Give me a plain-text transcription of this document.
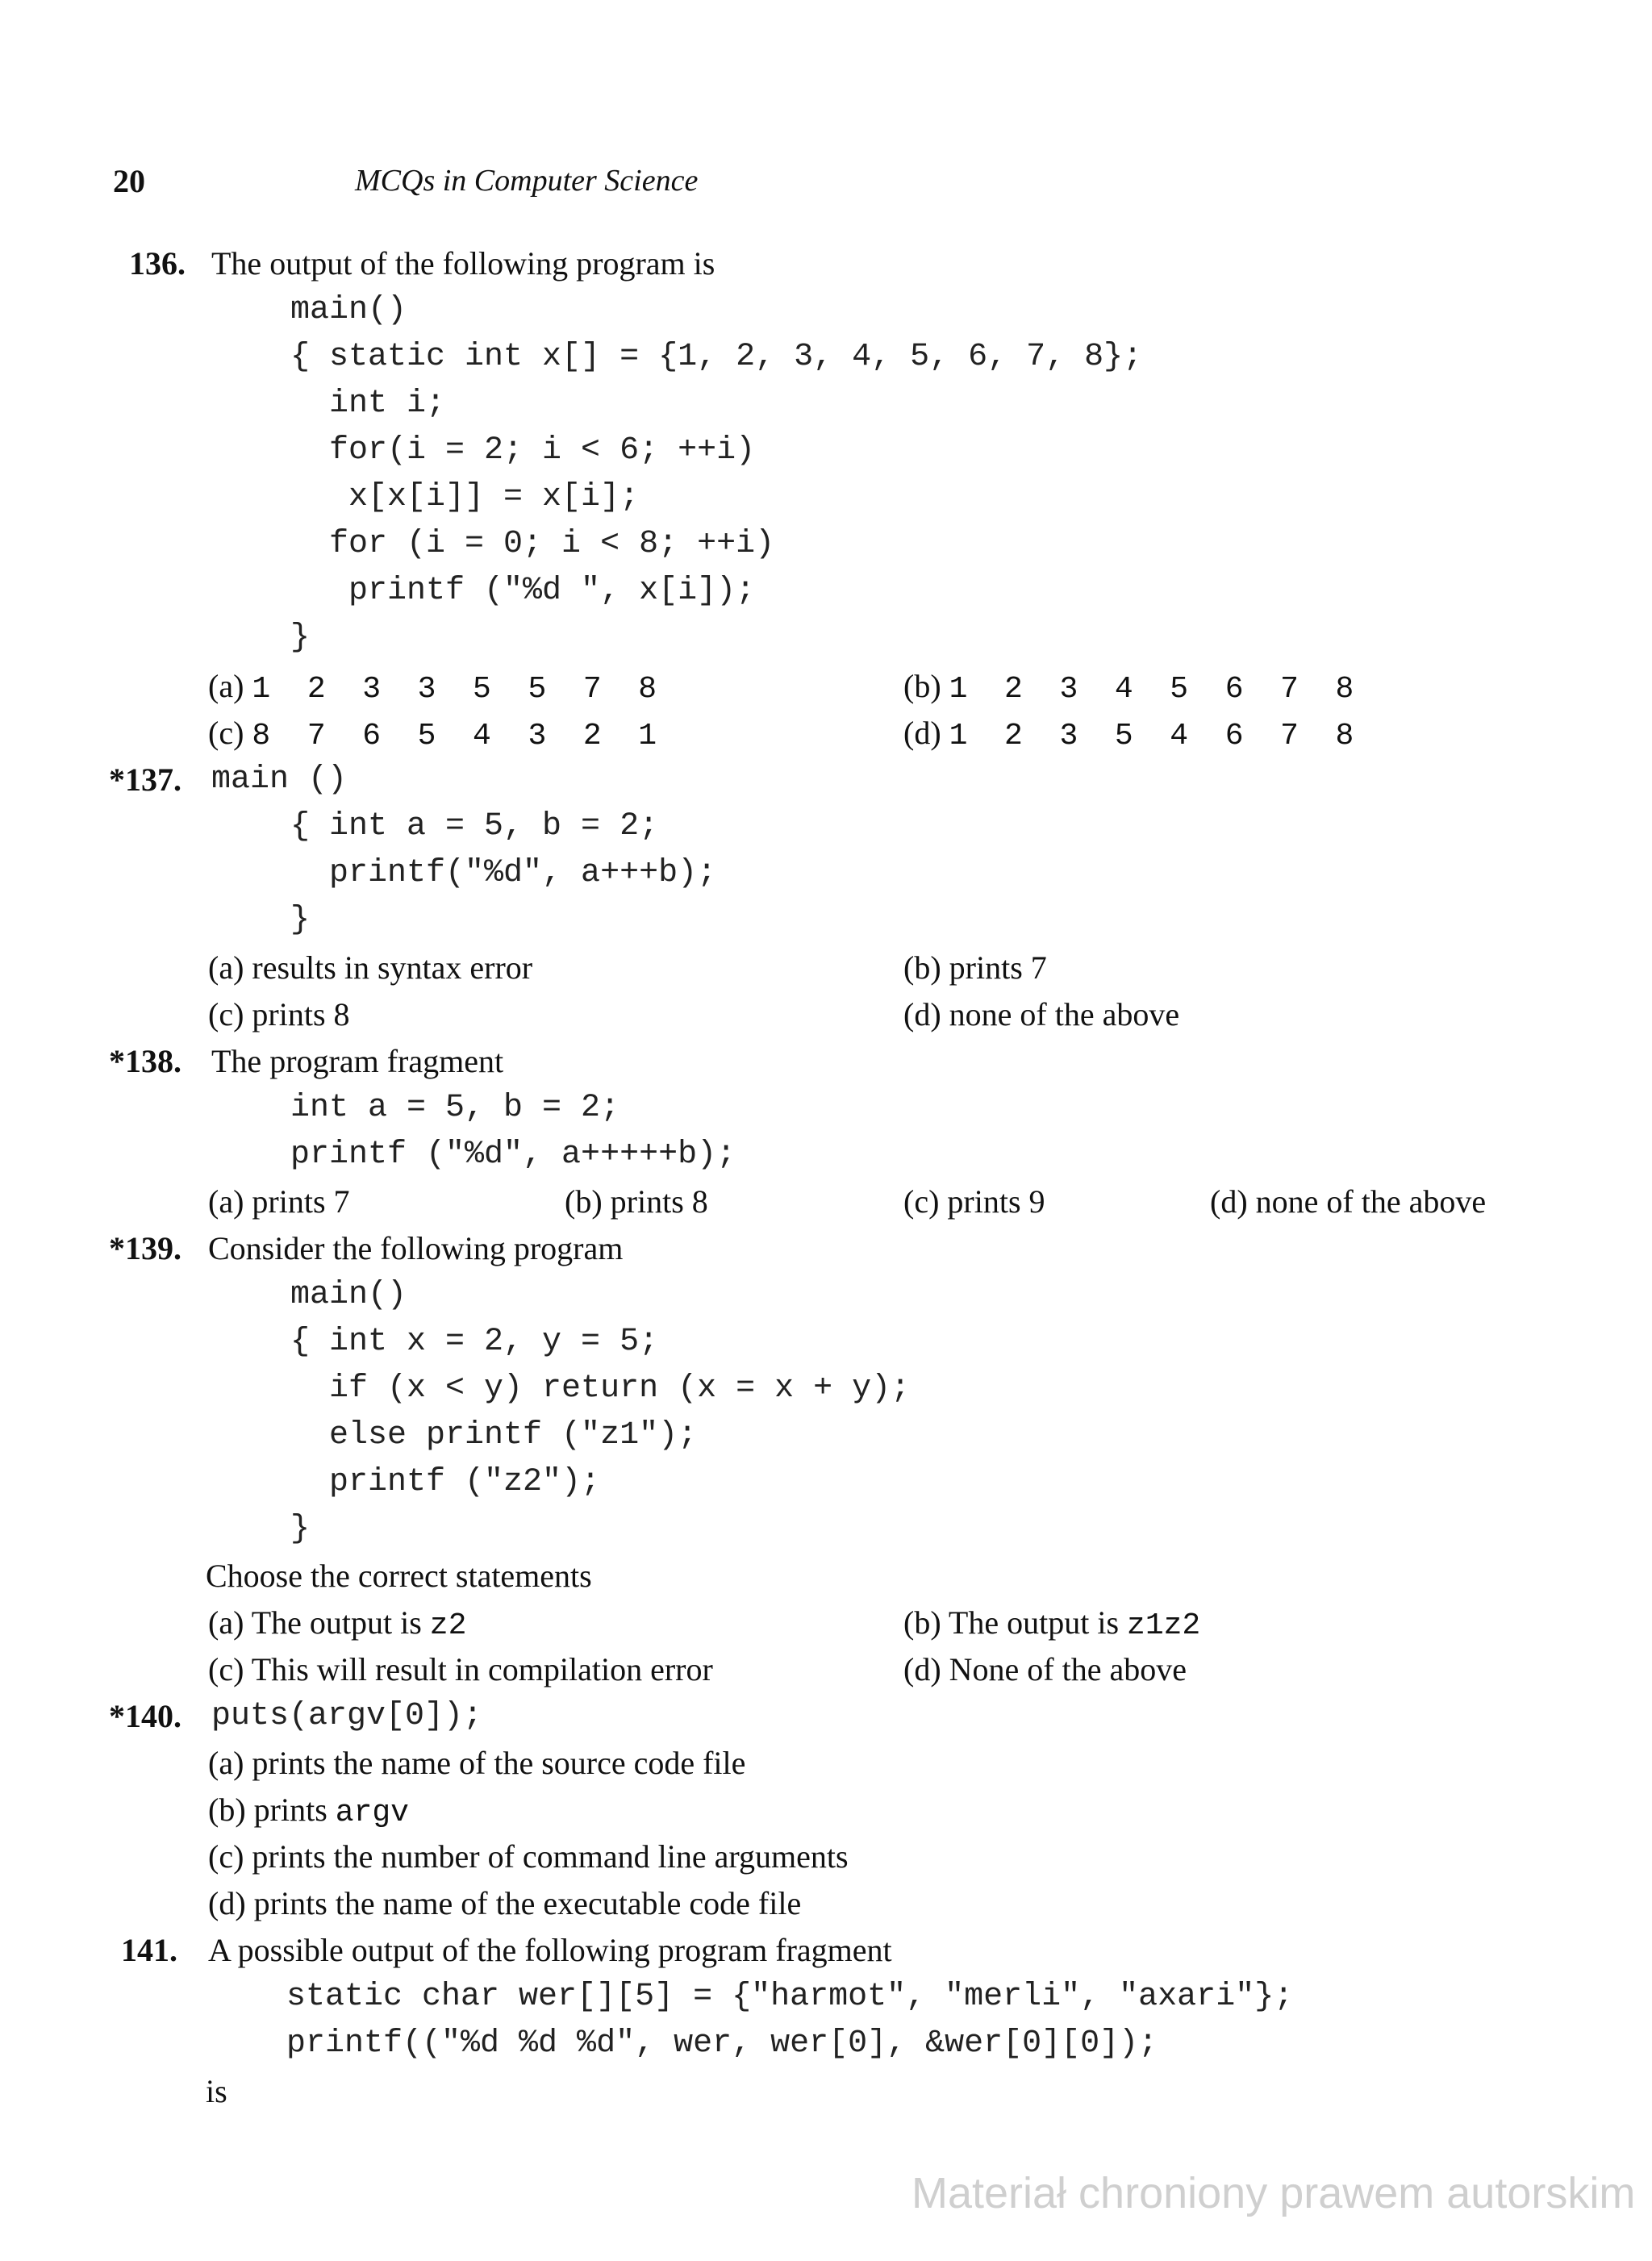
20	MCQs in Computer Science
136. The output of the following program is
main()
{ static int x[] = {1, 2, 3, 4, 5, 6, 7, 8};
int i;
for(i = 2; i < 6; ++i)
x[x[i]] = x[i];
for (i = 0; i < 8; ++i)
printf ("%d ", x[i]);
}
(a) 1  2  3  3  5  5  7  8	(b) 1  2  3  4  5  6  7  8
(c) 8  7  6  5  4  3  2  1	(d) 1  2  3  5  4  6  7  8
*137. main ()
{ int a = 5, b = 2;
printf("%d", a+++b);
}
(a) results in syntax error	(b) prints 7
(c) prints 8	(d) none of the above
*138. The program fragment
int a = 5, b = 2;
printf ("%d", a+++++b);
(a) prints 7	(b) prints 8	(c) prints 9	(d) none of the above
*139. Consider the following program
main()
{ int x = 2, y = 5;
if (x < y) return (x = x + y);
else printf ("z1");
printf ("z2");
}
Choose the correct statements
(a) The output is z2	(b) The output is z1z2
(c) This will result in compilation error	(d) None of the above
*140. puts(argv[0]);
(a) prints the name of the source code file
(b) prints argv
(c) prints the number of command line arguments
(d) prints the name of the executable code file
141. A possible output of the following program fragment
static char wer[][5] = {"harmot", "merli", "axari"};
printf(("%d %d %d", wer, wer[0], &wer[0][0]);
is
Materiał chroniony prawem autorskim
